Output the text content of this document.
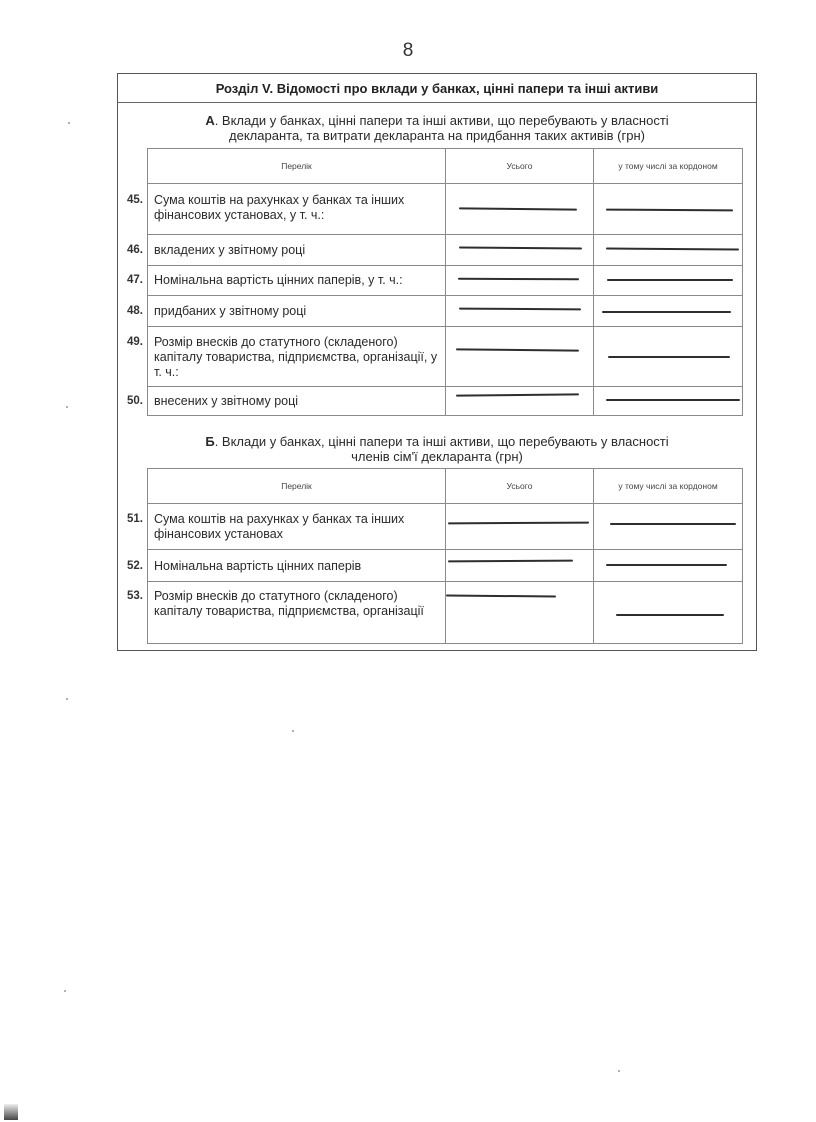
8
Розділ V. Відомості про вклади у банках, цінні папери та інші активи
А. Вклади у банках, цінні папери та інші активи, що перебувають у власності
декларанта, та витрати декларанта на придбання таких активів (грн)
Перелік	Усього	у тому числі за кордоном

45. Сума коштів на рахунках у банках та інших фінансових установах, у т. ч.:	

46. вкладених у звітному році	

47. Номінальна вартість цінних паперів, у т. ч.:	

48. придбаних у звітному році	

49. Розмір внесків до статутного (складеного) капіталу товариства, підприємства, організації, у т. ч.:	

50. внесених у звітному році	

Б. Вклади у банках, цінні папери та інші активи, що перебувають у власності
членів сім'ї декларанта (грн)
Перелік	Усього	у тому числі за кордоном

51. Сума коштів на рахунках у банках та інших фінансових установах	

52. Номінальна вартість цінних паперів	

53. Розмір внесків до статутного (складеного) капіталу товариства, підприємства, організації	
